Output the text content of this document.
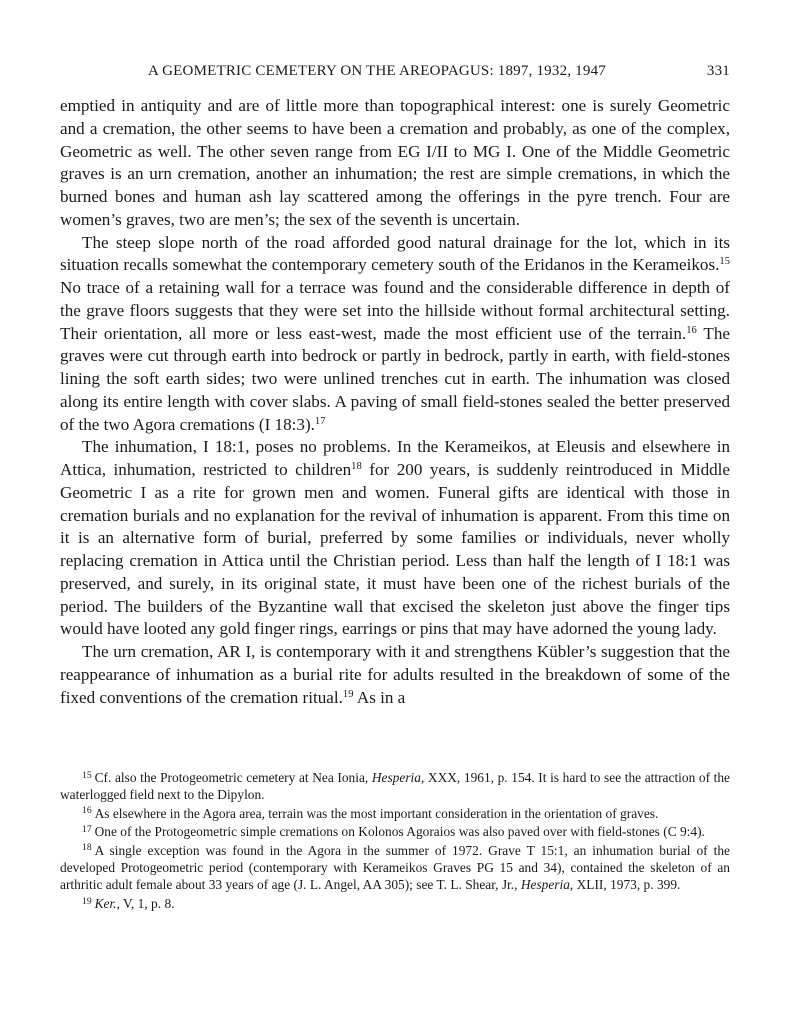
A GEOMETRIC CEMETERY ON THE AREOPAGUS: 1897, 1932, 1947	331

emptied in antiquity and are of little more than topographical interest: one is surely Geometric and a cremation, the other seems to have been a cremation and probably, as one of the complex, Geometric as well. The other seven range from EG I/II to MG I. One of the Middle Geometric graves is an urn cremation, another an inhumation; the rest are simple cremations, in which the burned bones and human ash lay scattered among the offerings in the pyre trench. Four are women’s graves, two are men’s; the sex of the seventh is uncertain.

The steep slope north of the road afforded good natural drainage for the lot, which in its situation recalls somewhat the contemporary cemetery south of the Eridanos in the Kerameikos.$^{15}$ No trace of a retaining wall for a terrace was found and the considerable difference in depth of the grave floors suggests that they were set into the hillside without formal architectural setting. Their orientation, all more or less east-west, made the most efficient use of the terrain.$^{16}$ The graves were cut through earth into bedrock or partly in bedrock, partly in earth, with field-stones lining the soft earth sides; two were unlined trenches cut in earth. The inhumation was closed along its entire length with cover slabs. A paving of small field-stones sealed the better preserved of the two Agora cremations (I 18:3).$^{17}$

The inhumation, I 18:1, poses no problems. In the Kerameikos, at Eleusis and elsewhere in Attica, inhumation, restricted to children$^{18}$ for 200 years, is suddenly reintroduced in Middle Geometric I as a rite for grown men and women. Funeral gifts are identical with those in cremation burials and no explanation for the revival of inhumation is apparent. From this time on it is an alternative form of burial, preferred by some families or individuals, never wholly replacing cremation in Attica until the Christian period. Less than half the length of I 18:1 was preserved, and surely, in its original state, it must have been one of the richest burials of the period. The builders of the Byzantine wall that excised the skeleton just above the finger tips would have looted any gold finger rings, earrings or pins that may have adorned the young lady.

The urn cremation, AR I, is contemporary with it and strengthens Kübler’s suggestion that the reappearance of inhumation as a burial rite for adults resulted in the breakdown of some of the fixed conventions of the cremation ritual.$^{19}$ As in a

$^{15}$ Cf. also the Protogeometric cemetery at Nea Ionia, Hesperia, XXX, 1961, p. 154. It is hard to see the attraction of the waterlogged field next to the Dipylon.

$^{16}$ As elsewhere in the Agora area, terrain was the most important consideration in the orientation of graves.

$^{17}$ One of the Protogeometric simple cremations on Kolonos Agoraios was also paved over with field-stones (C 9:4).

$^{18}$ A single exception was found in the Agora in the summer of 1972. Grave T 15:1, an inhumation burial of the developed Protogeometric period (contemporary with Kerameikos Graves PG 15 and 34), contained the skeleton of an arthritic adult female about 33 years of age (J. L. Angel, AA 305); see T. L. Shear, Jr., Hesperia, XLII, 1973, p. 399.

$^{19}$ Ker., V, 1, p. 8.
